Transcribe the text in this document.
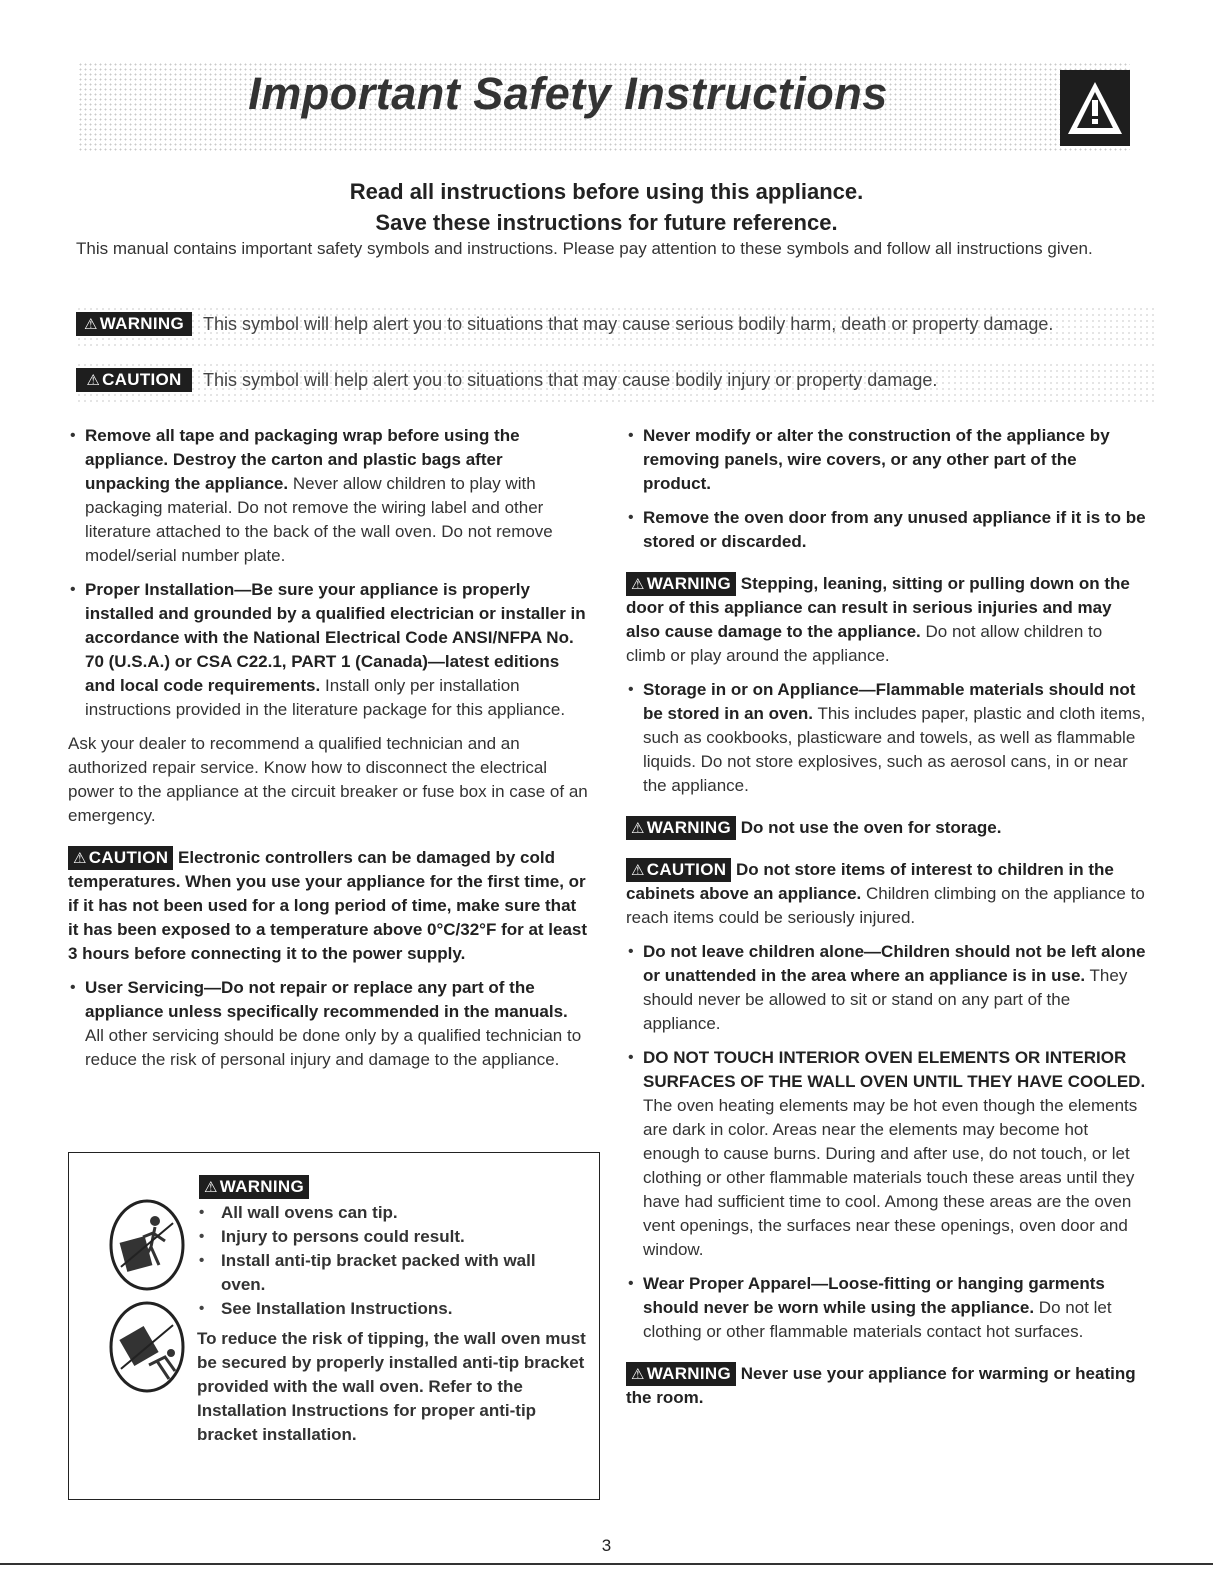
Important Safety Instructions
Read all instructions before using this appliance.
Save these instructions for future reference.

This manual contains important safety symbols and instructions. Please pay attention to these symbols and follow all instructions given.

⚠ WARNING	This symbol will help alert you to situations that may cause serious bodily harm, death or property damage.
⚠ CAUTION	This symbol will help alert you to situations that may cause bodily injury or property damage.
• Remove all tape and packaging wrap before using the appliance. Destroy the carton and plastic bags after unpacking the appliance. Never allow children to play with packaging material. Do not remove the wiring label and other literature attached to the back of the wall oven. Do not remove model/serial number plate.
• Proper Installation—Be sure your appliance is properly installed and grounded by a qualified electrician or installer in accordance with the National Electrical Code ANSI/NFPA No. 70 (U.S.A.) or CSA C22.1, PART 1 (Canada)—latest editions and local code requirements. Install only per installation instructions provided in the literature package for this appliance.
Ask your dealer to recommend a qualified technician and an authorized repair service. Know how to disconnect the electrical power to the appliance at the circuit breaker or fuse box in case of an emergency.
⚠ CAUTION Electronic controllers can be damaged by cold temperatures. When you use your appliance for the first time, or if it has not been used for a long period of time, make sure that it has been exposed to a temperature above 0°C/32°F for at least 3 hours before connecting it to the power supply.
• User Servicing—Do not repair or replace any part of the appliance unless specifically recommended in the manuals. All other servicing should be done only by a qualified technician to reduce the risk of personal injury and damage to the appliance.
⚠ WARNING
• All wall ovens can tip.
• Injury to persons could result.
• Install anti-tip bracket packed with wall oven.
• See Installation Instructions.
To reduce the risk of tipping, the wall oven must be secured by properly installed anti-tip bracket provided with the wall oven. Refer to the Installation Instructions for proper anti-tip bracket installation.
• Never modify or alter the construction of the appliance by removing panels, wire covers, or any other part of the product.
• Remove the oven door from any unused appliance if it is to be stored or discarded.
⚠ WARNING Stepping, leaning, sitting or pulling down on the door of this appliance can result in serious injuries and may also cause damage to the appliance. Do not allow children to climb or play around the appliance.
• Storage in or on Appliance—Flammable materials should not be stored in an oven. This includes paper, plastic and cloth items, such as cookbooks, plasticware and towels, as well as flammable liquids. Do not store explosives, such as aerosol cans, in or near the appliance.
⚠ WARNING Do not use the oven for storage.
⚠ CAUTION Do not store items of interest to children in the cabinets above an appliance. Children climbing on the appliance to reach items could be seriously injured.
• Do not leave children alone—Children should not be left alone or unattended in the area where an appliance is in use. They should never be allowed to sit or stand on any part of the appliance.
• DO NOT TOUCH INTERIOR OVEN ELEMENTS OR INTERIOR SURFACES OF THE WALL OVEN UNTIL THEY HAVE COOLED. The oven heating elements may be hot even though the elements are dark in color. Areas near the elements may become hot enough to cause burns. During and after use, do not touch, or let clothing or other flammable materials touch these areas until they have had sufficient time to cool. Among these areas are the oven vent openings, the surfaces near these openings, oven door and window.
• Wear Proper Apparel—Loose-fitting or hanging garments should never be worn while using the appliance. Do not let clothing or other flammable materials contact hot surfaces.
⚠ WARNING Never use your appliance for warming or heating the room.
3
